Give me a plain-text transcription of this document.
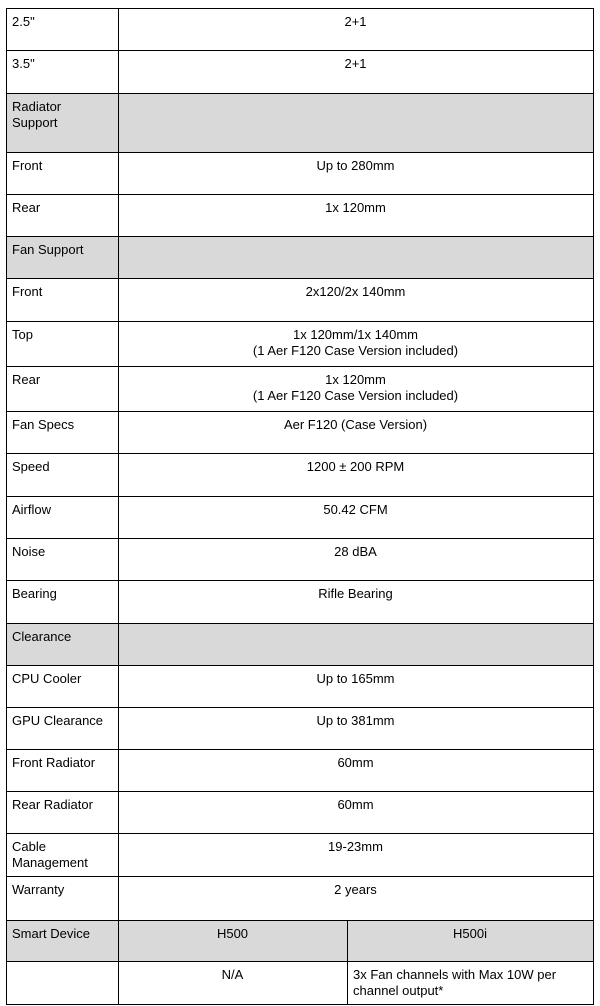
2.5"	2+1	
3.5"	2+1	
Radiator
Support		
Front	Up to 280mm	
Rear	1x 120mm	
Fan Support		
Front	2x120/2x 140mm	
Top	1x 120mm/1x 140mm
(1 Aer F120 Case Version included)	
Rear	1x 120mm
(1 Aer F120 Case Version included)	
Fan Specs	Aer F120 (Case Version)	
Speed	1200 ± 200 RPM	
Airflow	50.42 CFM	
Noise	28 dBA	
Bearing	Rifle Bearing	
Clearance		
CPU Cooler	Up to 165mm	
GPU Clearance	Up to 381mm	
Front Radiator	60mm	
Rear Radiator	60mm	
Cable
Management	19-23mm	
Warranty	2 years	
Smart Device	H500	H500i
	N/A	3x Fan channels with Max 10W per channel output*
